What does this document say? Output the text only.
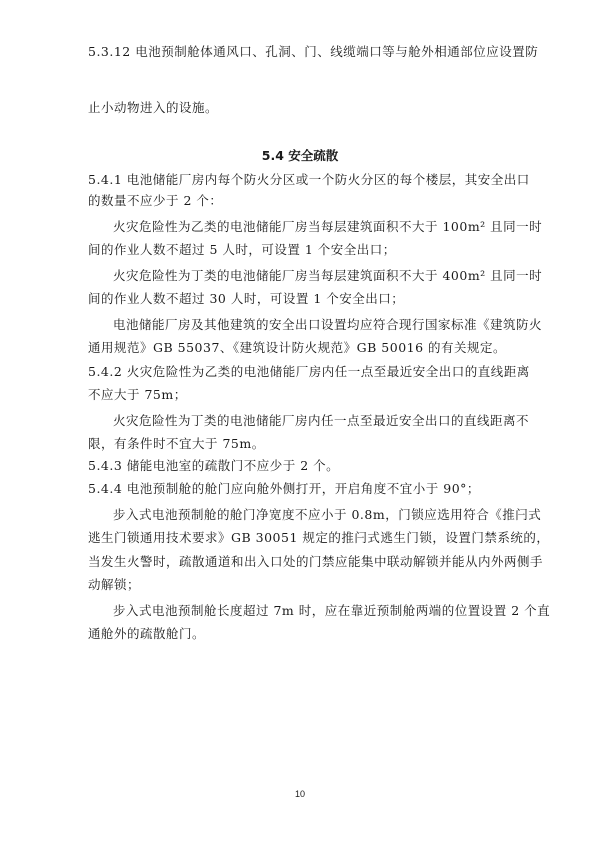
5.3.12 电池预制舱体通风口、孔洞、门、线缆端口等与舱外相通部位应设置防
止小动物进入的设施。
5.4 安全疏散
5.4.1 电池储能厂房内每个防火分区或一个防火分区的每个楼层，其安全出口
的数量不应少于 2 个：
火灾危险性为乙类的电池储能厂房当每层建筑面积不大于 100m² 且同一时
间的作业人数不超过 5 人时，可设置 1 个安全出口；
火灾危险性为丁类的电池储能厂房当每层建筑面积不大于 400m² 且同一时
间的作业人数不超过 30 人时，可设置 1 个安全出口；
电池储能厂房及其他建筑的安全出口设置均应符合现行国家标准《建筑防火
通用规范》GB 55037、《建筑设计防火规范》GB 50016 的有关规定。
5.4.2 火灾危险性为乙类的电池储能厂房内任一点至最近安全出口的直线距离
不应大于 75m；
火灾危险性为丁类的电池储能厂房内任一点至最近安全出口的直线距离不
限，有条件时不宜大于 75m。
5.4.3 储能电池室的疏散门不应少于 2 个。
5.4.4 电池预制舱的舱门应向舱外侧打开，开启角度不宜小于 90°；
步入式电池预制舱的舱门净宽度不应小于 0.8m，门锁应选用符合《推闩式
逃生门锁通用技术要求》GB 30051 规定的推闩式逃生门锁，设置门禁系统的，
当发生火警时，疏散通道和出入口处的门禁应能集中联动解锁并能从内外两侧手
动解锁；
步入式电池预制舱长度超过 7m 时，应在靠近预制舱两端的位置设置 2 个直
通舱外的疏散舱门。
10
